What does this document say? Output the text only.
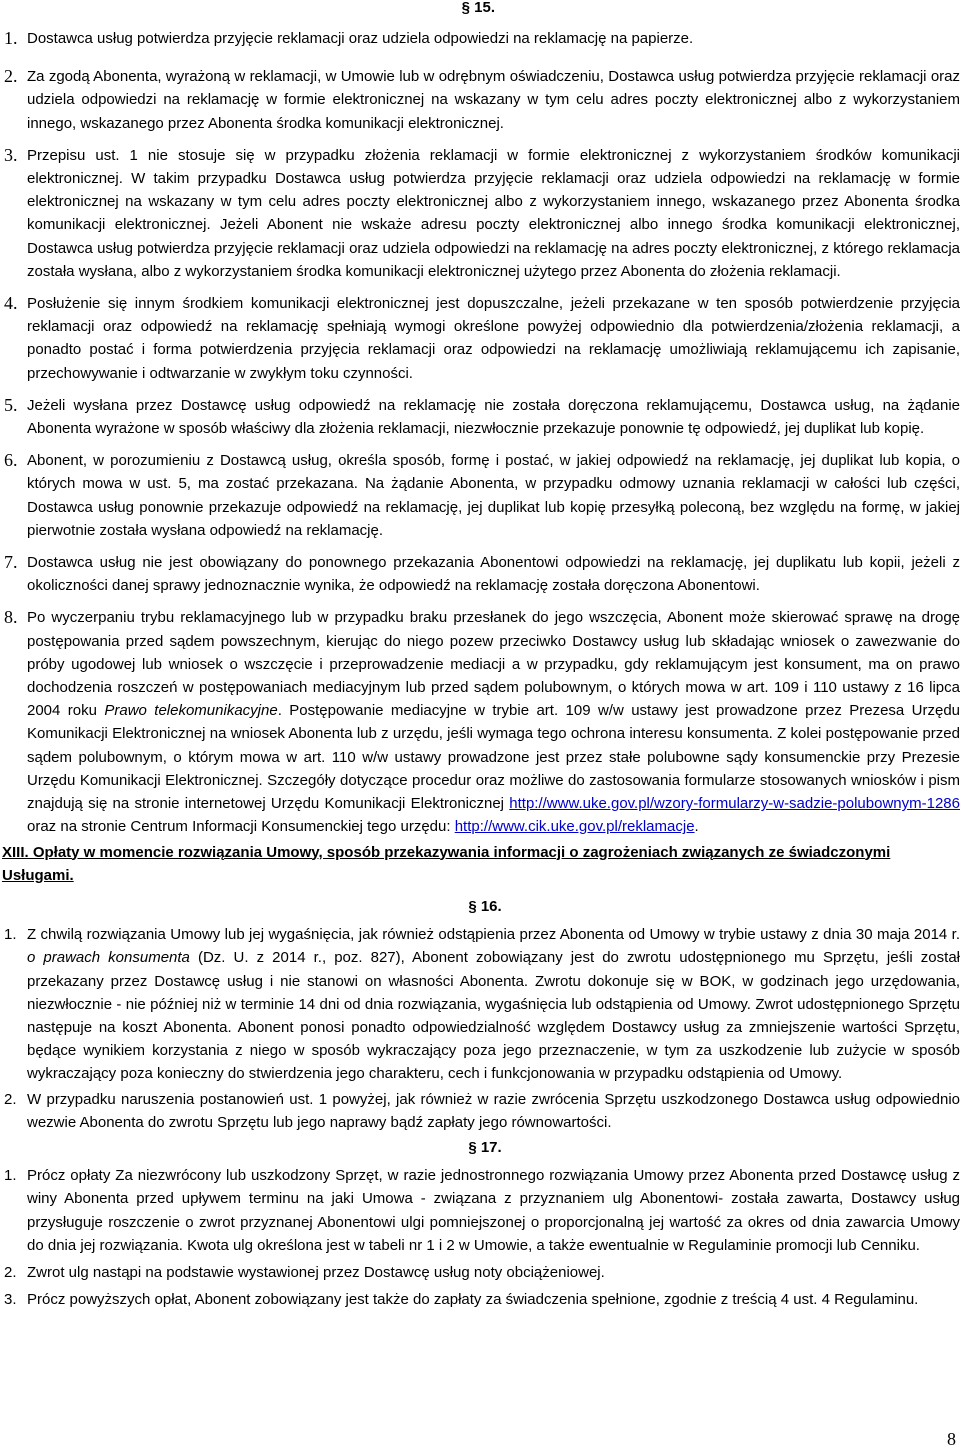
§ 15.

1. Dostawca usług potwierdza przyjęcie reklamacji oraz udziela odpowiedzi na reklamację na papierze.

2. Za zgodą Abonenta, wyrażoną w reklamacji, w Umowie lub w odrębnym oświadczeniu, Dostawca usług potwierdza przyjęcie reklamacji oraz udziela odpowiedzi na reklamację w formie elektronicznej na wskazany w tym celu adres poczty elektronicznej albo z wykorzystaniem innego, wskazanego przez Abonenta środka komunikacji elektronicznej.

3. Przepisu ust. 1 nie stosuje się w przypadku złożenia reklamacji w formie elektronicznej z wykorzystaniem środków komunikacji elektronicznej. W takim przypadku Dostawca usług potwierdza przyjęcie reklamacji oraz udziela odpowiedzi na reklamację w formie elektronicznej na wskazany w tym celu adres poczty elektronicznej albo z wykorzystaniem innego, wskazanego przez Abonenta środka komunikacji elektronicznej. Jeżeli Abonent nie wskaże adresu poczty elektronicznej albo innego środka komunikacji elektronicznej, Dostawca usług potwierdza przyjęcie reklamacji oraz udziela odpowiedzi na reklamację na adres poczty elektronicznej, z którego reklamacja została wysłana, albo z wykorzystaniem środka komunikacji elektronicznej użytego przez Abonenta do złożenia reklamacji.

4. Posłużenie się innym środkiem komunikacji elektronicznej jest dopuszczalne, jeżeli przekazane w ten sposób potwierdzenie przyjęcia reklamacji oraz odpowiedź na reklamację spełniają wymogi określone powyżej odpowiednio dla potwierdzenia/złożenia reklamacji, a ponadto postać i forma potwierdzenia przyjęcia reklamacji oraz odpowiedzi na reklamację umożliwiają reklamującemu ich zapisanie, przechowywanie i odtwarzanie w zwykłym toku czynności.

5. Jeżeli wysłana przez Dostawcę usług odpowiedź na reklamację nie została doręczona reklamującemu, Dostawca usług, na żądanie Abonenta wyrażone w sposób właściwy dla złożenia reklamacji, niezwłocznie przekazuje ponownie tę odpowiedź, jej duplikat lub kopię.

6. Abonent, w porozumieniu z Dostawcą usług, określa sposób, formę i postać, w jakiej odpowiedź na reklamację, jej duplikat lub kopia, o których mowa w ust. 5, ma zostać przekazana. Na żądanie Abonenta, w przypadku odmowy uznania reklamacji w całości lub części, Dostawca usług ponownie przekazuje odpowiedź na reklamację, jej duplikat lub kopię przesyłką poleconą, bez względu na formę, w jakiej pierwotnie została wysłana odpowiedź na reklamację.

7. Dostawca usług nie jest obowiązany do ponownego przekazania Abonentowi odpowiedzi na reklamację, jej duplikatu lub kopii, jeżeli z okoliczności danej sprawy jednoznacznie wynika, że odpowiedź na reklamację została doręczona Abonentowi.

8. Po wyczerpaniu trybu reklamacyjnego lub w przypadku braku przesłanek do jego wszczęcia, Abonent może skierować sprawę na drogę postępowania przed sądem powszechnym, kierując do niego pozew przeciwko Dostawcy usług lub składając wniosek o zawezwanie do próby ugodowej lub wniosek o wszczęcie i przeprowadzenie mediacji a w przypadku, gdy reklamującym jest konsument, ma on prawo dochodzenia roszczeń w postępowaniach mediacyjnym lub przed sądem polubownym, o których mowa w art. 109 i 110 ustawy z 16 lipca 2004 roku Prawo telekomunikacyjne. Postępowanie mediacyjne w trybie art. 109 w/w ustawy jest prowadzone przez Prezesa Urzędu Komunikacji Elektronicznej na wniosek Abonenta lub z urzędu, jeśli wymaga tego ochrona interesu konsumenta. Z kolei postępowanie przed sądem polubownym, o którym mowa w art. 110 w/w ustawy prowadzone jest przez stałe polubowne sądy konsumenckie przy Prezesie Urzędu Komunikacji Elektronicznej. Szczegóły dotyczące procedur oraz możliwe do zastosowania formularze stosowanych wniosków i pism znajdują się na stronie internetowej Urzędu Komunikacji Elektronicznej http://www.uke.gov.pl/wzory-formularzy-w-sadzie-polubownym-1286 oraz na stronie Centrum Informacji Konsumenckiej tego urzędu: http://www.cik.uke.gov.pl/reklamacje.

XIII. Opłaty w momencie rozwiązania Umowy, sposób przekazywania informacji o zagrożeniach związanych ze świadczonymi Usługami.

§ 16.

1. Z chwilą rozwiązania Umowy lub jej wygaśnięcia, jak również odstąpienia przez Abonenta od Umowy w trybie ustawy z dnia 30 maja 2014 r. o prawach konsumenta (Dz. U. z 2014 r., poz. 827), Abonent zobowiązany jest do zwrotu udostępnionego mu Sprzętu, jeśli został przekazany przez Dostawcę usług i nie stanowi on własności Abonenta. Zwrotu dokonuje się w BOK, w godzinach jego urzędowania, niezwłocznie - nie później niż w terminie 14 dni od dnia rozwiązania, wygaśnięcia lub odstąpienia od Umowy. Zwrot udostępnionego Sprzętu następuje na koszt Abonenta. Abonent ponosi ponadto odpowiedzialność względem Dostawcy usług za zmniejszenie wartości Sprzętu, będące wynikiem korzystania z niego w sposób wykraczający poza jego przeznaczenie, w tym za uszkodzenie lub zużycie w sposób wykraczający poza konieczny do stwierdzenia jego charakteru, cech i funkcjonowania w przypadku odstąpienia od Umowy.

2. W przypadku naruszenia postanowień ust. 1 powyżej, jak również w razie zwrócenia Sprzętu uszkodzonego Dostawca usług odpowiednio wezwie Abonenta do zwrotu Sprzętu lub jego naprawy bądź zapłaty jego równowartości.

§ 17.

1. Prócz opłaty Za niezwrócony lub uszkodzony Sprzęt, w razie jednostronnego rozwiązania Umowy przez Abonenta przed Dostawcę usług z winy Abonenta przed upływem terminu na jaki Umowa - związana z przyznaniem ulg Abonentowi- została zawarta, Dostawcy usług przysługuje roszczenie o zwrot przyznanej Abonentowi ulgi pomniejszonej o proporcjonalną jej wartość za okres od dnia zawarcia Umowy do dnia jej rozwiązania. Kwota ulg określona jest w tabeli nr 1 i 2 w Umowie, a także ewentualnie w Regulaminie promocji lub Cenniku.

2. Zwrot ulg nastąpi na podstawie wystawionej przez Dostawcę usług noty obciążeniowej.

3. Prócz powyższych opłat, Abonent zobowiązany jest także do zapłaty za świadczenia spełnione, zgodnie z treścią 4 ust. 4 Regulaminu.

8
